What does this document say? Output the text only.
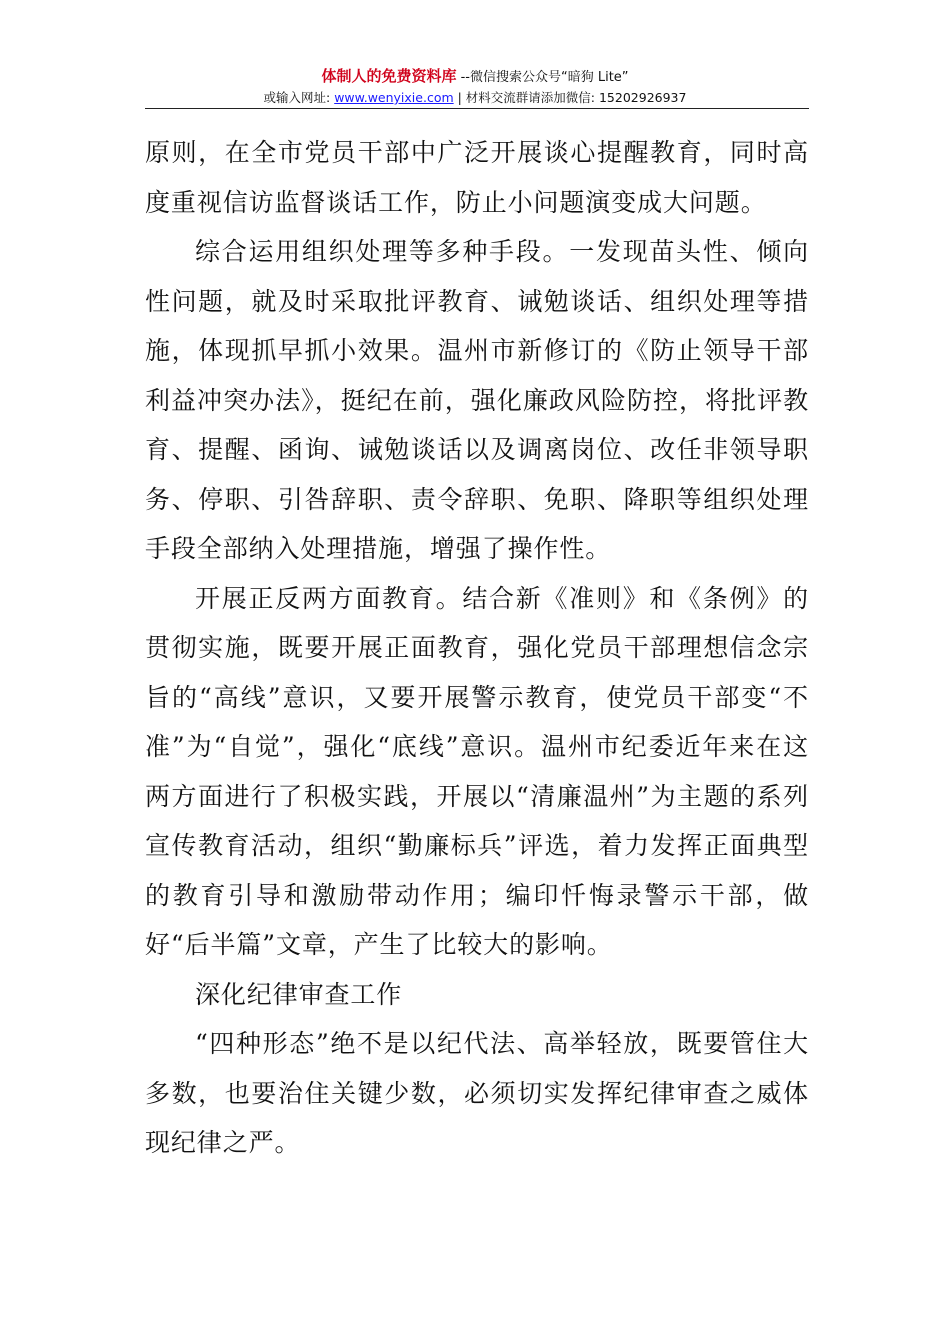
体制人的免费资料库 --微信搜索公众号“暗狗 Lite”
或输入网址: www.wenyixie.com | 材料交流群请添加微信: 15202926937

原则，在全市党员干部中广泛开展谈心提醒教育，同时高度重视信访监督谈话工作，防止小问题演变成大问题。

综合运用组织处理等多种手段。一发现苗头性、倾向性问题，就及时采取批评教育、诫勉谈话、组织处理等措施，体现抓早抓小效果。温州市新修订的《防止领导干部利益冲突办法》，挺纪在前，强化廉政风险防控，将批评教育、提醒、函询、诫勉谈话以及调离岗位、改任非领导职务、停职、引咎辞职、责令辞职、免职、降职等组织处理手段全部纳入处理措施，增强了操作性。

开展正反两方面教育。结合新《准则》和《条例》的贯彻实施，既要开展正面教育，强化党员干部理想信念宗旨的“高线”意识，又要开展警示教育，使党员干部变“不准”为“自觉”，强化“底线”意识。温州市纪委近年来在这两方面进行了积极实践，开展以“清廉温州”为主题的系列宣传教育活动，组织“勤廉标兵”评选，着力发挥正面典型的教育引导和激励带动作用；编印忏悔录警示干部，做好“后半篇”文章，产生了比较大的影响。

深化纪律审查工作

“四种形态”绝不是以纪代法、高举轻放，既要管住大多数，也要治住关键少数，必须切实发挥纪律审查之威体现纪律之严。
